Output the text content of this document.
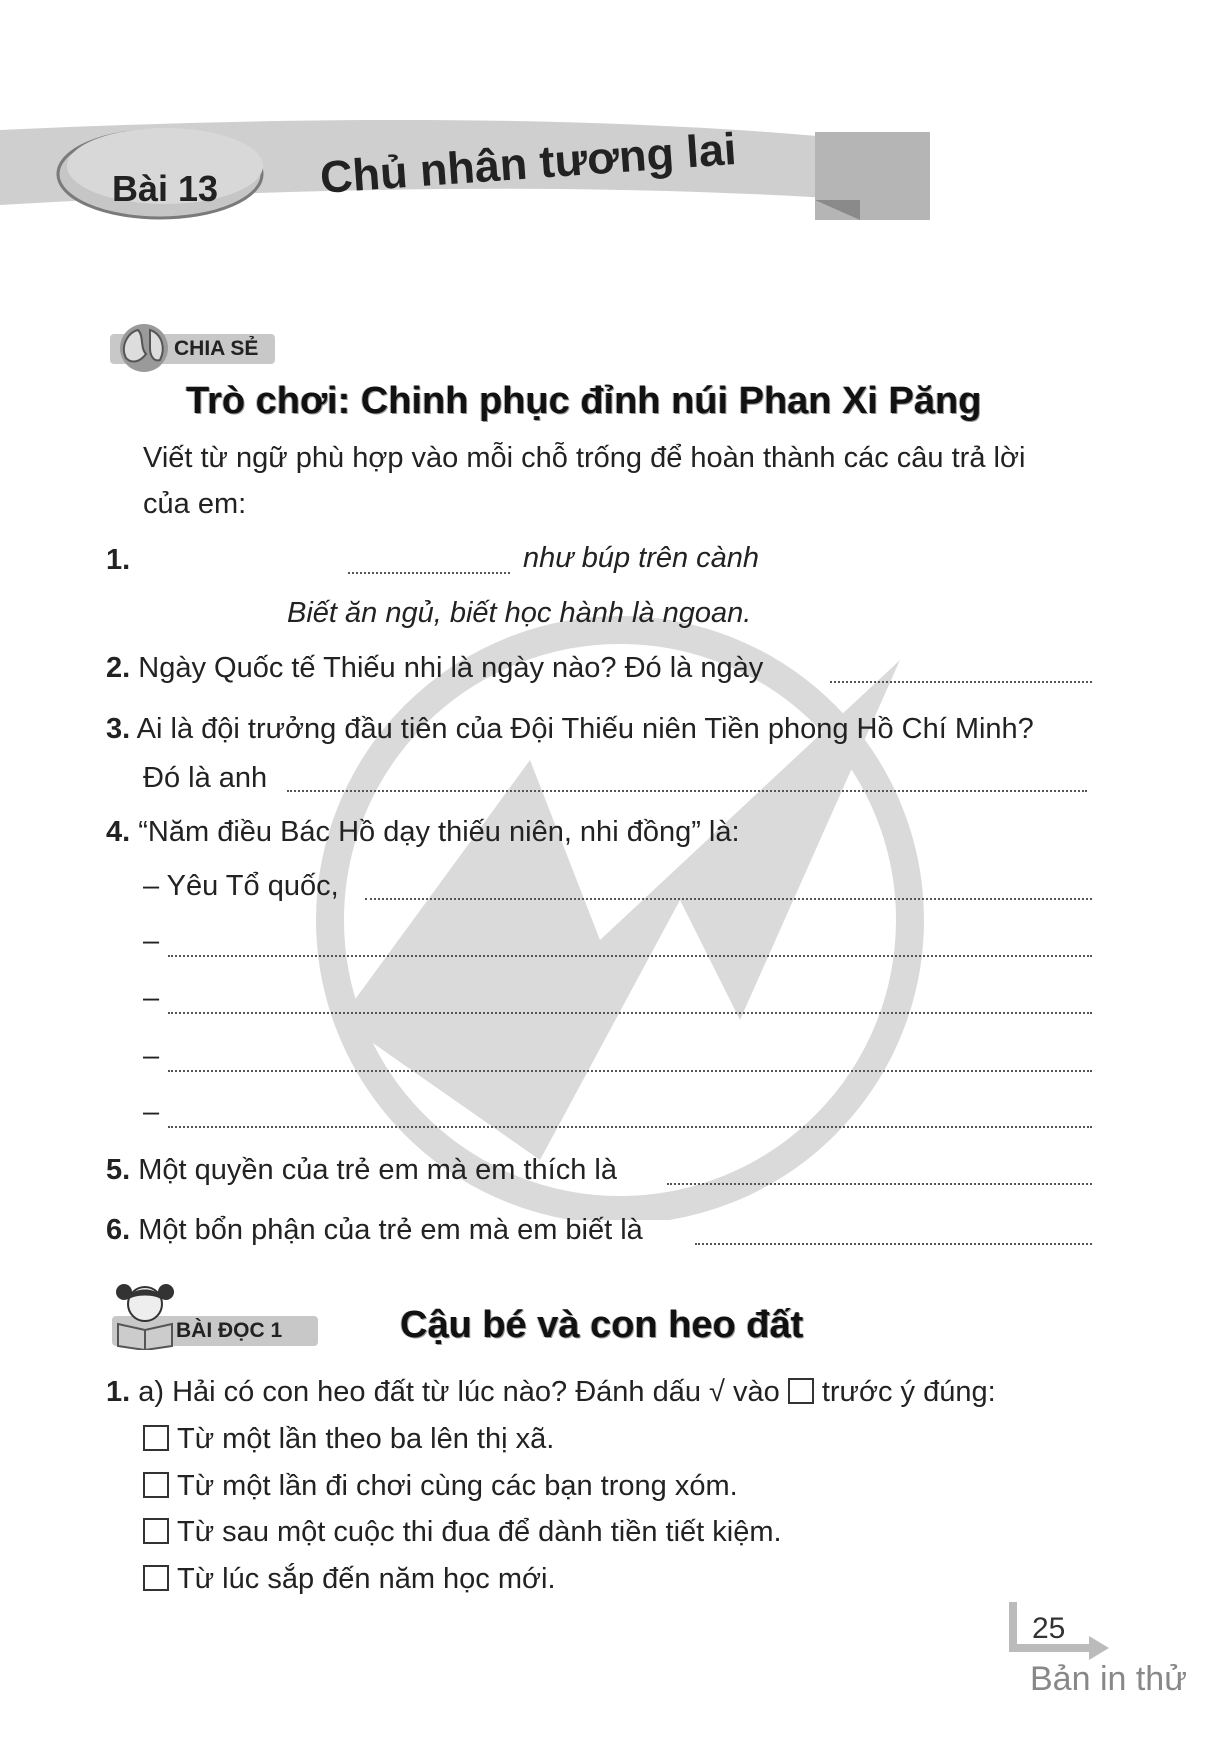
Bài 13 Chủ nhân tương lai
CHIA SẺ
Trò chơi: Chinh phục đỉnh núi Phan Xi Păng
Viết từ ngữ phù hợp vào mỗi chỗ trống để hoàn thành các câu trả lời
của em:
1.	như búp trên cành
Biết ăn ngủ, biết học hành là ngoan.
2. Ngày Quốc tế Thiếu nhi là ngày nào? Đó là ngày
3. Ai là đội trưởng đầu tiên của Đội Thiếu niên Tiền phong Hồ Chí Minh?
Đó là anh
4. “Năm điều Bác Hồ dạy thiếu niên, nhi đồng” là:
– Yêu Tổ quốc,
–
–
–
–
5. Một quyền của trẻ em mà em thích là
6. Một bổn phận của trẻ em mà em biết là
BÀI ĐỌC 1	Cậu bé và con heo đất
1. a) Hải có con heo đất từ lúc nào? Đánh dấu √ vào trước ý đúng:
Từ một lần theo ba lên thị xã.
Từ một lần đi chơi cùng các bạn trong xóm.
Từ sau một cuộc thi đua để dành tiền tiết kiệm.
Từ lúc sắp đến năm học mới.
25
Bản in thử
